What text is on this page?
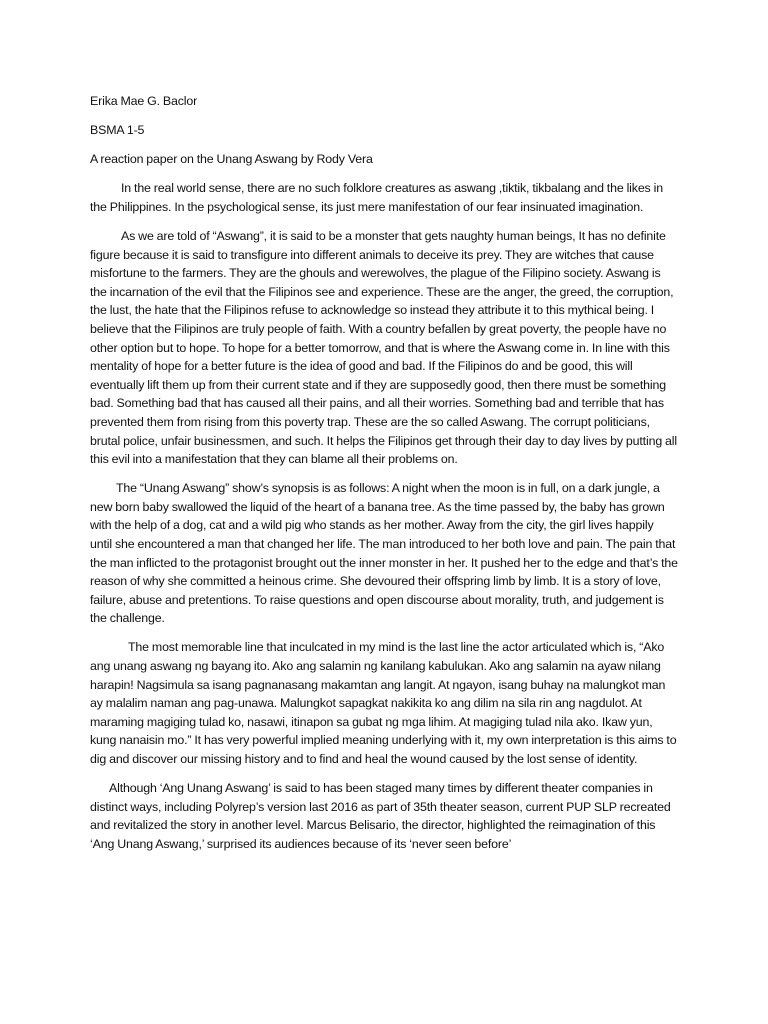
Erika Mae G. Baclor
BSMA 1-5
A reaction paper on the Unang Aswang by Rody Vera

In the real world sense, there are no such folklore creatures as aswang ,tiktik, tikbalang and the likes in the Philippines. In the psychological sense, its just mere manifestation of our fear insinuated imagination.

As we are told of “Aswang”, it is said to be a monster that gets naughty human beings, It has no definite figure because it is said to transfigure into different animals to deceive its prey. They are witches that cause misfortune to the farmers. They are the ghouls and werewolves, the plague of the Filipino society. Aswang is the incarnation of the evil that the Filipinos see and experience. These are the anger, the greed, the corruption, the lust, the hate that the Filipinos refuse to acknowledge so instead they attribute it to this mythical being. I believe that the Filipinos are truly people of faith. With a country befallen by great poverty, the people have no other option but to hope. To hope for a better tomorrow, and that is where the Aswang come in. In line with this mentality of hope for a better future is the idea of good and bad. If the Filipinos do and be good, this will eventually lift them up from their current state and if they are supposedly good, then there must be something bad. Something bad that has caused all their pains, and all their worries. Something bad and terrible that has prevented them from rising from this poverty trap. These are the so called Aswang. The corrupt politicians, brutal police, unfair businessmen, and such. It helps the Filipinos get through their day to day lives by putting all this evil into a manifestation that they can blame all their problems on.

The “Unang Aswang” show’s synopsis is as follows: A night when the moon is in full, on a dark jungle, a new born baby swallowed the liquid of the heart of a banana tree. As the time passed by, the baby has grown with the help of a dog, cat and a wild pig who stands as her mother. Away from the city, the girl lives happily until she encountered a man that changed her life. The man introduced to her both love and pain. The pain that the man inflicted to the protagonist brought out the inner monster in her. It pushed her to the edge and that’s the reason of why she committed a heinous crime. She devoured their offspring limb by limb. It is a story of love, failure, abuse and pretentions. To raise questions and open discourse about morality, truth, and judgement is the challenge.

The most memorable line that inculcated in my mind is the last line the actor articulated which is, “Ako ang unang aswang ng bayang ito. Ako ang salamin ng kanilang kabulukan. Ako ang salamin na ayaw nilang harapin! Nagsimula sa isang pagnanasang makamtan ang langit. At ngayon, isang buhay na malungkot man ay malalim naman ang pag-unawa. Malungkot sapagkat nakikita ko ang dilim na sila rin ang nagdulot. At maraming magiging tulad ko, nasawi, itinapon sa gubat ng mga lihim. At magiging tulad nila ako. Ikaw yun, kung nanaisin mo.” It has very powerful implied meaning underlying with it, my own interpretation is this aims to dig and discover our missing history and to find and heal the wound caused by the lost sense of identity.

Although ‘Ang Unang Aswang’ is said to has been staged many times by different theater companies in distinct ways, including Polyrep’s version last 2016 as part of 35th theater season, current PUP SLP recreated and revitalized the story in another level. Marcus Belisario, the director, highlighted the reimagination of this ‘Ang Unang Aswang,’ surprised its audiences because of its ‘never seen before’
